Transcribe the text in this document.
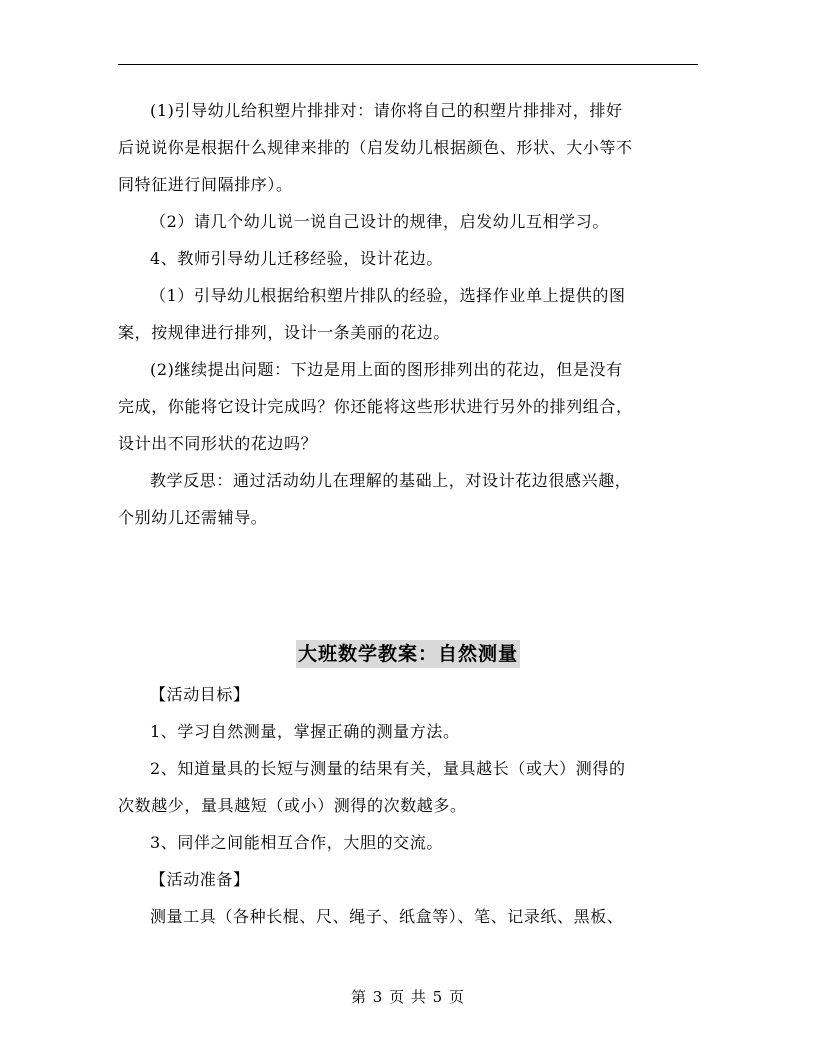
(1)引导幼儿给积塑片排排对：请你将自己的积塑片排排对，排好
后说说你是根据什么规律来排的（启发幼儿根据颜色、形状、大小等不
同特征进行间隔排序）。
（2）请几个幼儿说一说自己设计的规律，启发幼儿互相学习。
4、教师引导幼儿迁移经验，设计花边。
（1）引导幼儿根据给积塑片排队的经验，选择作业单上提供的图
案，按规律进行排列，设计一条美丽的花边。
(2)继续提出问题：下边是用上面的图形排列出的花边，但是没有
完成，你能将它设计完成吗？你还能将这些形状进行另外的排列组合，
设计出不同形状的花边吗？
教学反思：通过活动幼儿在理解的基础上，对设计花边很感兴趣，
个别幼儿还需辅导。
大班数学教案：自然测量
【活动目标】
1、学习自然测量，掌握正确的测量方法。
2、知道量具的长短与测量的结果有关，量具越长（或大）测得的
次数越少，量具越短（或小）测得的次数越多。
3、同伴之间能相互合作，大胆的交流。
【活动准备】
测量工具（各种长棍、尺、绳子、纸盒等）、笔、记录纸、黑板、
第 3 页 共 5 页
